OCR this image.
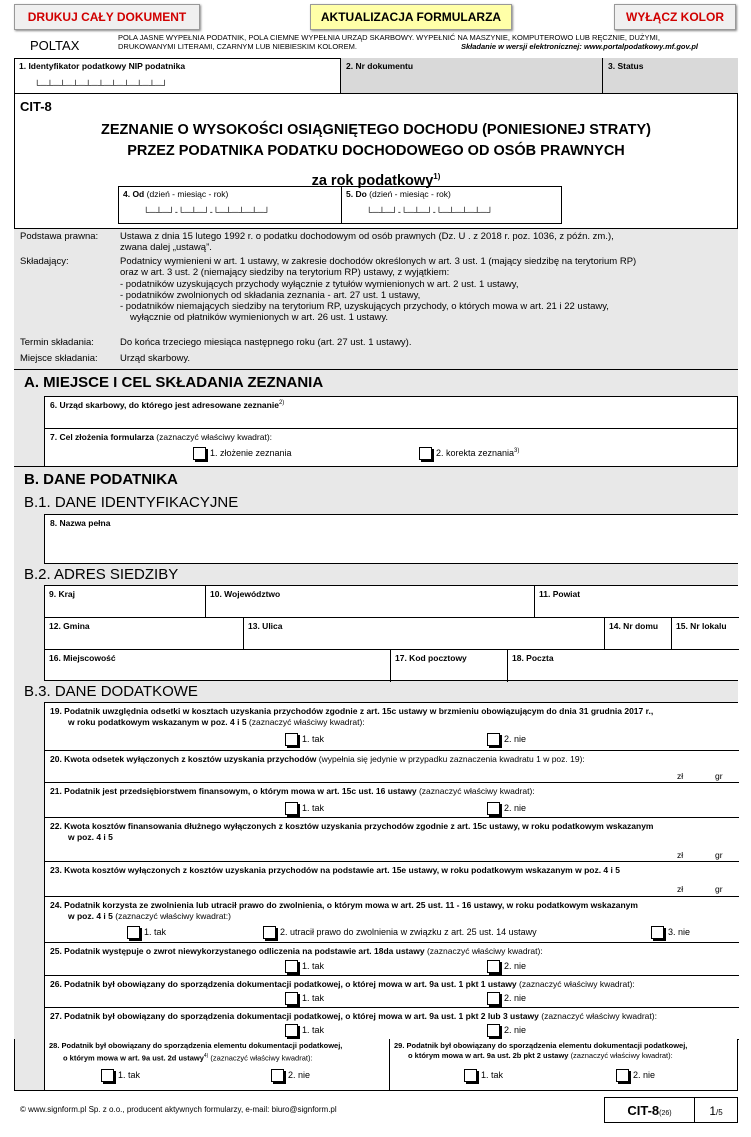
DRUKUJ CAŁY DOKUMENT	AKTUALIZACJA FORMULARZA	WYŁĄCZ KOLOR
POLTAX
POLA JASNE WYPEŁNIA PODATNIK, POLA CIEMNE WYPEŁNIA URZĄD SKARBOWY. WYPEŁNIĆ NA MASZYNIE, KOMPUTEROWO LUB RĘCZNIE, DUŻYMI,
DRUKOWANYMI LITERAMI, CZARNYM LUB NIEBIESKIM KOLOREM.	Składanie w wersji elektronicznej: www.portalpodatkowy.mf.gov.pl
1. Identyfikator podatkowy NIP podatnika
└─┴─┴─┴─┴─┴─┴─┴─┴─┴─┘
2. Nr dokumentu	3. Status
CIT-8
ZEZNANIE O WYSOKOŚCI OSIĄGNIĘTEGO DOCHODU (PONIESIONEJ STRATY)
PRZEZ PODATNIKA PODATKU DOCHODOWEGO OD OSÓB PRAWNYCH
za rok podatkowy$^{1)}$
4. Od (dzień - miesiąc - rok)
└─┴─┘-└─┴─┘-└─┴─┴─┴─┘
5. Do (dzień - miesiąc - rok)
└─┴─┘-└─┴─┘-└─┴─┴─┴─┘
Podstawa prawna: Ustawa z dnia 15 lutego 1992 r. o podatku dochodowym od osób prawnych (Dz. U . z 2018 r. poz. 1036, z późn. zm.),
zwana dalej „ustawą”.
Składający:	Podatnicy wymienieni w art. 1 ustawy, w zakresie dochodów określonych w art. 3 ust. 1 (mający siedzibę na terytorium RP)
oraz w art. 3 ust. 2 (niemający siedziby na terytorium RP) ustawy, z wyjątkiem:
- podatników uzyskujących przychody wyłącznie z tytułów wymienionych w art. 2 ust. 1 ustawy,
- podatników zwolnionych od składania zeznania - art. 27 ust. 1 ustawy,
- podatników niemających siedziby na terytorium RP, uzyskujących przychody, o których mowa w art. 21 i 22 ustawy,
wyłącznie od płatników wymienionych w art. 26 ust. 1 ustawy.
Termin składania:	Do końca trzeciego miesiąca następnego roku (art. 27 ust. 1 ustawy).
Miejsce składania: Urząd skarbowy.
A. MIEJSCE I CEL SKŁADANIA ZEZNANIA
6. Urząd skarbowy, do którego jest adresowane zeznanie$^{2)}$
7. Cel złożenia formularza (zaznaczyć właściwy kwadrat):
1. złożenie zeznania	2. korekta zeznania$^{3)}$
B. DANE PODATNIKA
B.1. DANE IDENTYFIKACYJNE
8. Nazwa pełna
B.2. ADRES SIEDZIBY
9. Kraj	10. Województwo	11. Powiat
12. Gmina	13. Ulica	14. Nr domu	15. Nr lokalu
16. Miejscowość	17. Kod pocztowy	18. Poczta
B.3. DANE DODATKOWE
19. Podatnik uwzględnia odsetki w kosztach uzyskania przychodów zgodnie z art. 15c ustawy w brzmieniu obowiązującym do dnia 31 grudnia 2017 r.,
w roku podatkowym wskazanym w poz. 4 i 5 (zaznaczyć właściwy kwadrat):
1. tak	2. nie
20. Kwota odsetek wyłączonych z kosztów uzyskania przychodów (wypełnia się jedynie w przypadku zaznaczenia kwadratu 1 w poz. 19):
zł	gr
21. Podatnik jest przedsiębiorstwem finansowym, o którym mowa w art. 15c ust. 16 ustawy (zaznaczyć właściwy kwadrat):
1. tak	2. nie
22. Kwota kosztów finansowania dłużnego wyłączonych z kosztów uzyskania przychodów zgodnie z art. 15c ustawy, w roku podatkowym wskazanym
w poz. 4 i 5
zł	gr
23. Kwota kosztów wyłączonych z kosztów uzyskania przychodów na podstawie art. 15e ustawy, w roku podatkowym wskazanym w poz. 4 i 5
zł	gr
24. Podatnik korzysta ze zwolnienia lub utracił prawo do zwolnienia, o którym mowa w art. 25 ust. 11 - 16 ustawy, w roku podatkowym wskazanym
w poz. 4 i 5 (zaznaczyć właściwy kwadrat:)
1. tak	2. utracił prawo do zwolnienia w związku z art. 25 ust. 14 ustawy	3. nie
25. Podatnik występuje o zwrot niewykorzystanego odliczenia na podstawie art. 18da ustawy (zaznaczyć właściwy kwadrat):
1. tak	2. nie
26. Podatnik był obowiązany do sporządzenia dokumentacji podatkowej, o której mowa w art. 9a ust. 1 pkt 1 ustawy (zaznaczyć właściwy kwadrat):
1. tak	2. nie
27. Podatnik był obowiązany do sporządzenia dokumentacji podatkowej, o której mowa w art. 9a ust. 1 pkt 2 lub 3 ustawy (zaznaczyć właściwy kwadrat):
1. tak	2. nie
28. Podatnik był obowiązany do sporządzenia elementu dokumentacji podatkowej,
o którym mowa w art. 9a ust. 2d ustawy$^{4)}$ (zaznaczyć właściwy kwadrat):
1. tak	2. nie
29. Podatnik był obowiązany do sporządzenia elementu dokumentacji podatkowej,
o którym mowa w art. 9a ust. 2b pkt 2 ustawy (zaznaczyć właściwy kwadrat):
1. tak	2. nie
© www.signform.pl Sp. z o.o., producent aktywnych formularzy, e-mail: biuro@signform.pl	CIT-8(26)	1/5
